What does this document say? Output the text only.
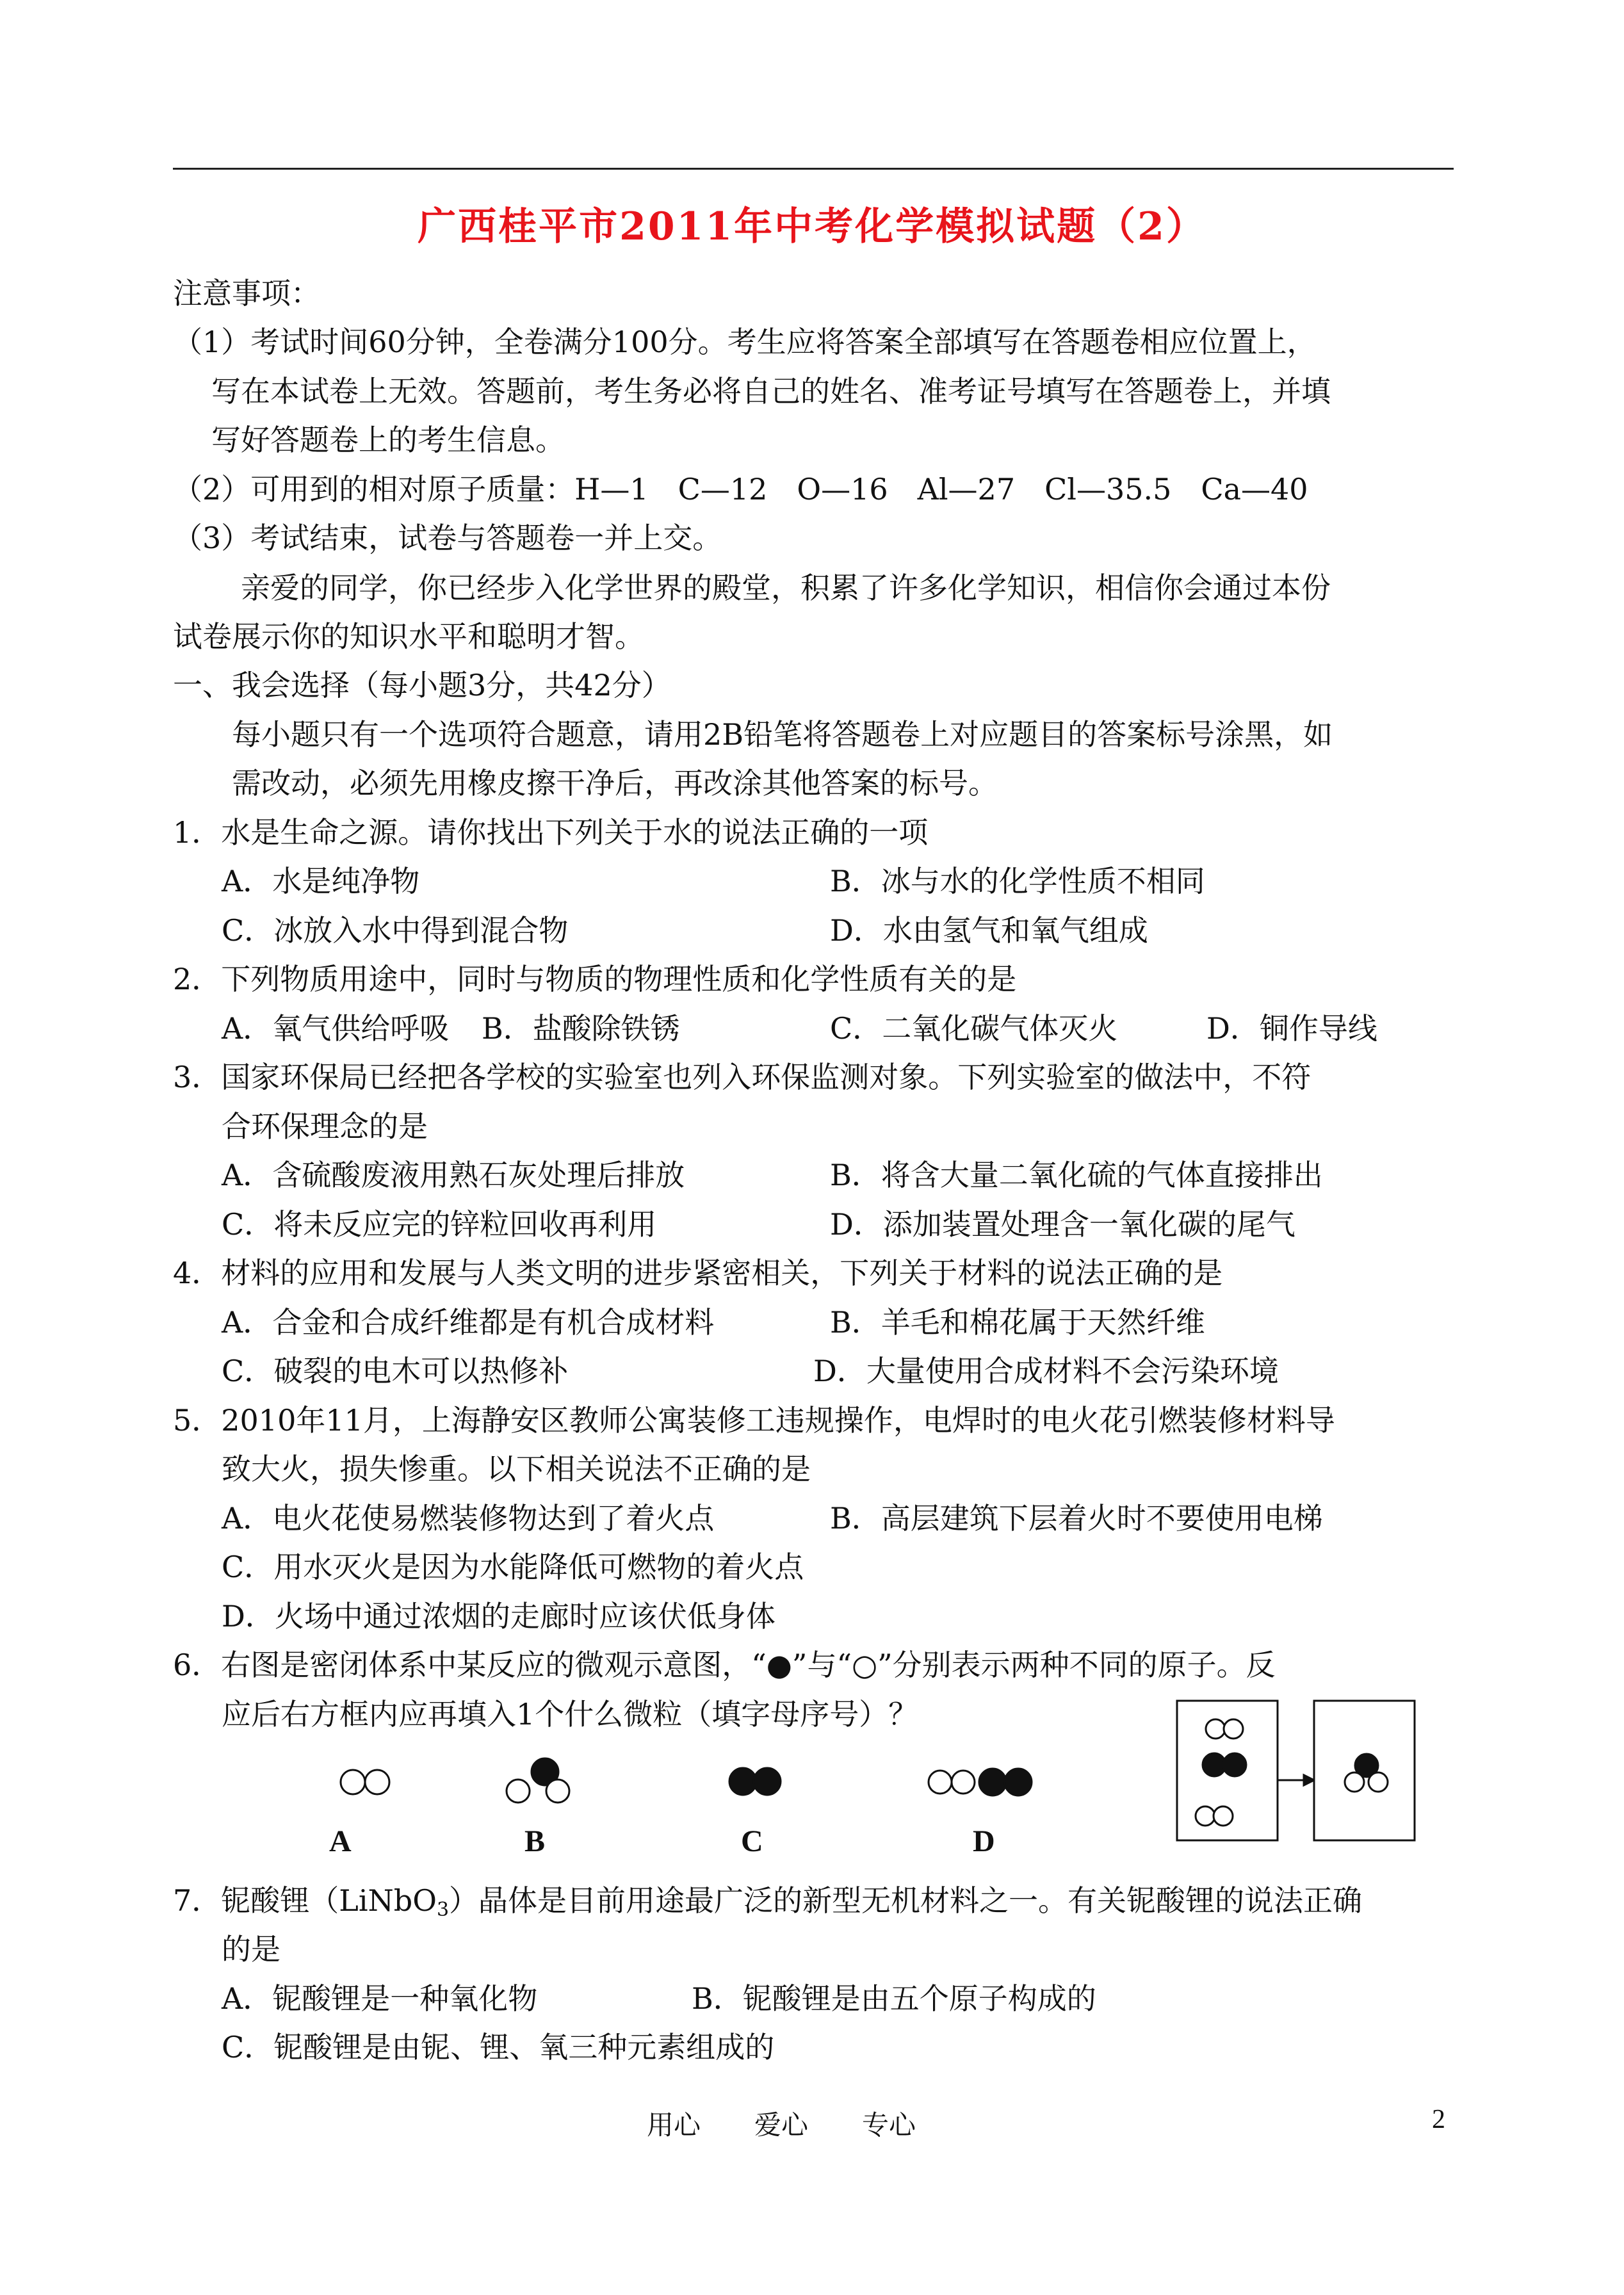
广西桂平市2011年中考化学模拟试题（2）
注意事项：
（1）考试时间60分钟，全卷满分100分。考生应将答案全部填写在答题卷相应位置上，
写在本试卷上无效。答题前，考生务必将自己的姓名、准考证号填写在答题卷上，并填
写好答题卷上的考生信息。
（2）可用到的相对原子质量：H—1　C—12　O—16　Al—27　Cl—35.5　Ca—40
（3）考试结束，试卷与答题卷一并上交。
亲爱的同学，你已经步入化学世界的殿堂，积累了许多化学知识，相信你会通过本份
试卷展示你的知识水平和聪明才智。
一、我会选择（每小题3分，共42分）
每小题只有一个选项符合题意，请用2B铅笔将答题卷上对应题目的答案标号涂黑，如
需改动，必须先用橡皮擦干净后，再改涂其他答案的标号。
1．水是生命之源。请你找出下列关于水的说法正确的一项
A．水是纯净物	B．冰与水的化学性质不相同
C．冰放入水中得到混合物	D．水由氢气和氧气组成
2．下列物质用途中，同时与物质的物理性质和化学性质有关的是
A．氧气供给呼吸 B．盐酸除铁锈	C．二氧化碳气体灭火	D．铜作导线
3．国家环保局已经把各学校的实验室也列入环保监测对象。下列实验室的做法中，不符
合环保理念的是
A．含硫酸废液用熟石灰处理后排放	B．将含大量二氧化硫的气体直接排出
C．将未反应完的锌粒回收再利用	D．添加装置处理含一氧化碳的尾气
4．材料的应用和发展与人类文明的进步紧密相关，下列关于材料的说法正确的是
A．合金和合成纤维都是有机合成材料	B．羊毛和棉花属于天然纤维
C．破裂的电木可以热修补	D．大量使用合成材料不会污染环境
5．2010年11月，上海静安区教师公寓装修工违规操作，电焊时的电火花引燃装修材料导
致大火，损失惨重。以下相关说法不正确的是
A．电火花使易燃装修物达到了着火点	B．高层建筑下层着火时不要使用电梯
C．用水灭火是因为水能降低可燃物的着火点
D．火场中通过浓烟的走廊时应该伏低身体
6．右图是密闭体系中某反应的微观示意图，“●”与“○”分别表示两种不同的原子。反
应后右方框内应再填入1个什么微粒（填字母序号）？
A	B	C	D
7．铌酸锂（LiNbO$_3$）晶体是目前用途最广泛的新型无机材料之一。有关铌酸锂的说法正确
的是
A．铌酸锂是一种氧化物	B．铌酸锂是由五个原子构成的
C．铌酸锂是由铌、锂、氧三种元素组成的
用心　　爱心　　专心	2
